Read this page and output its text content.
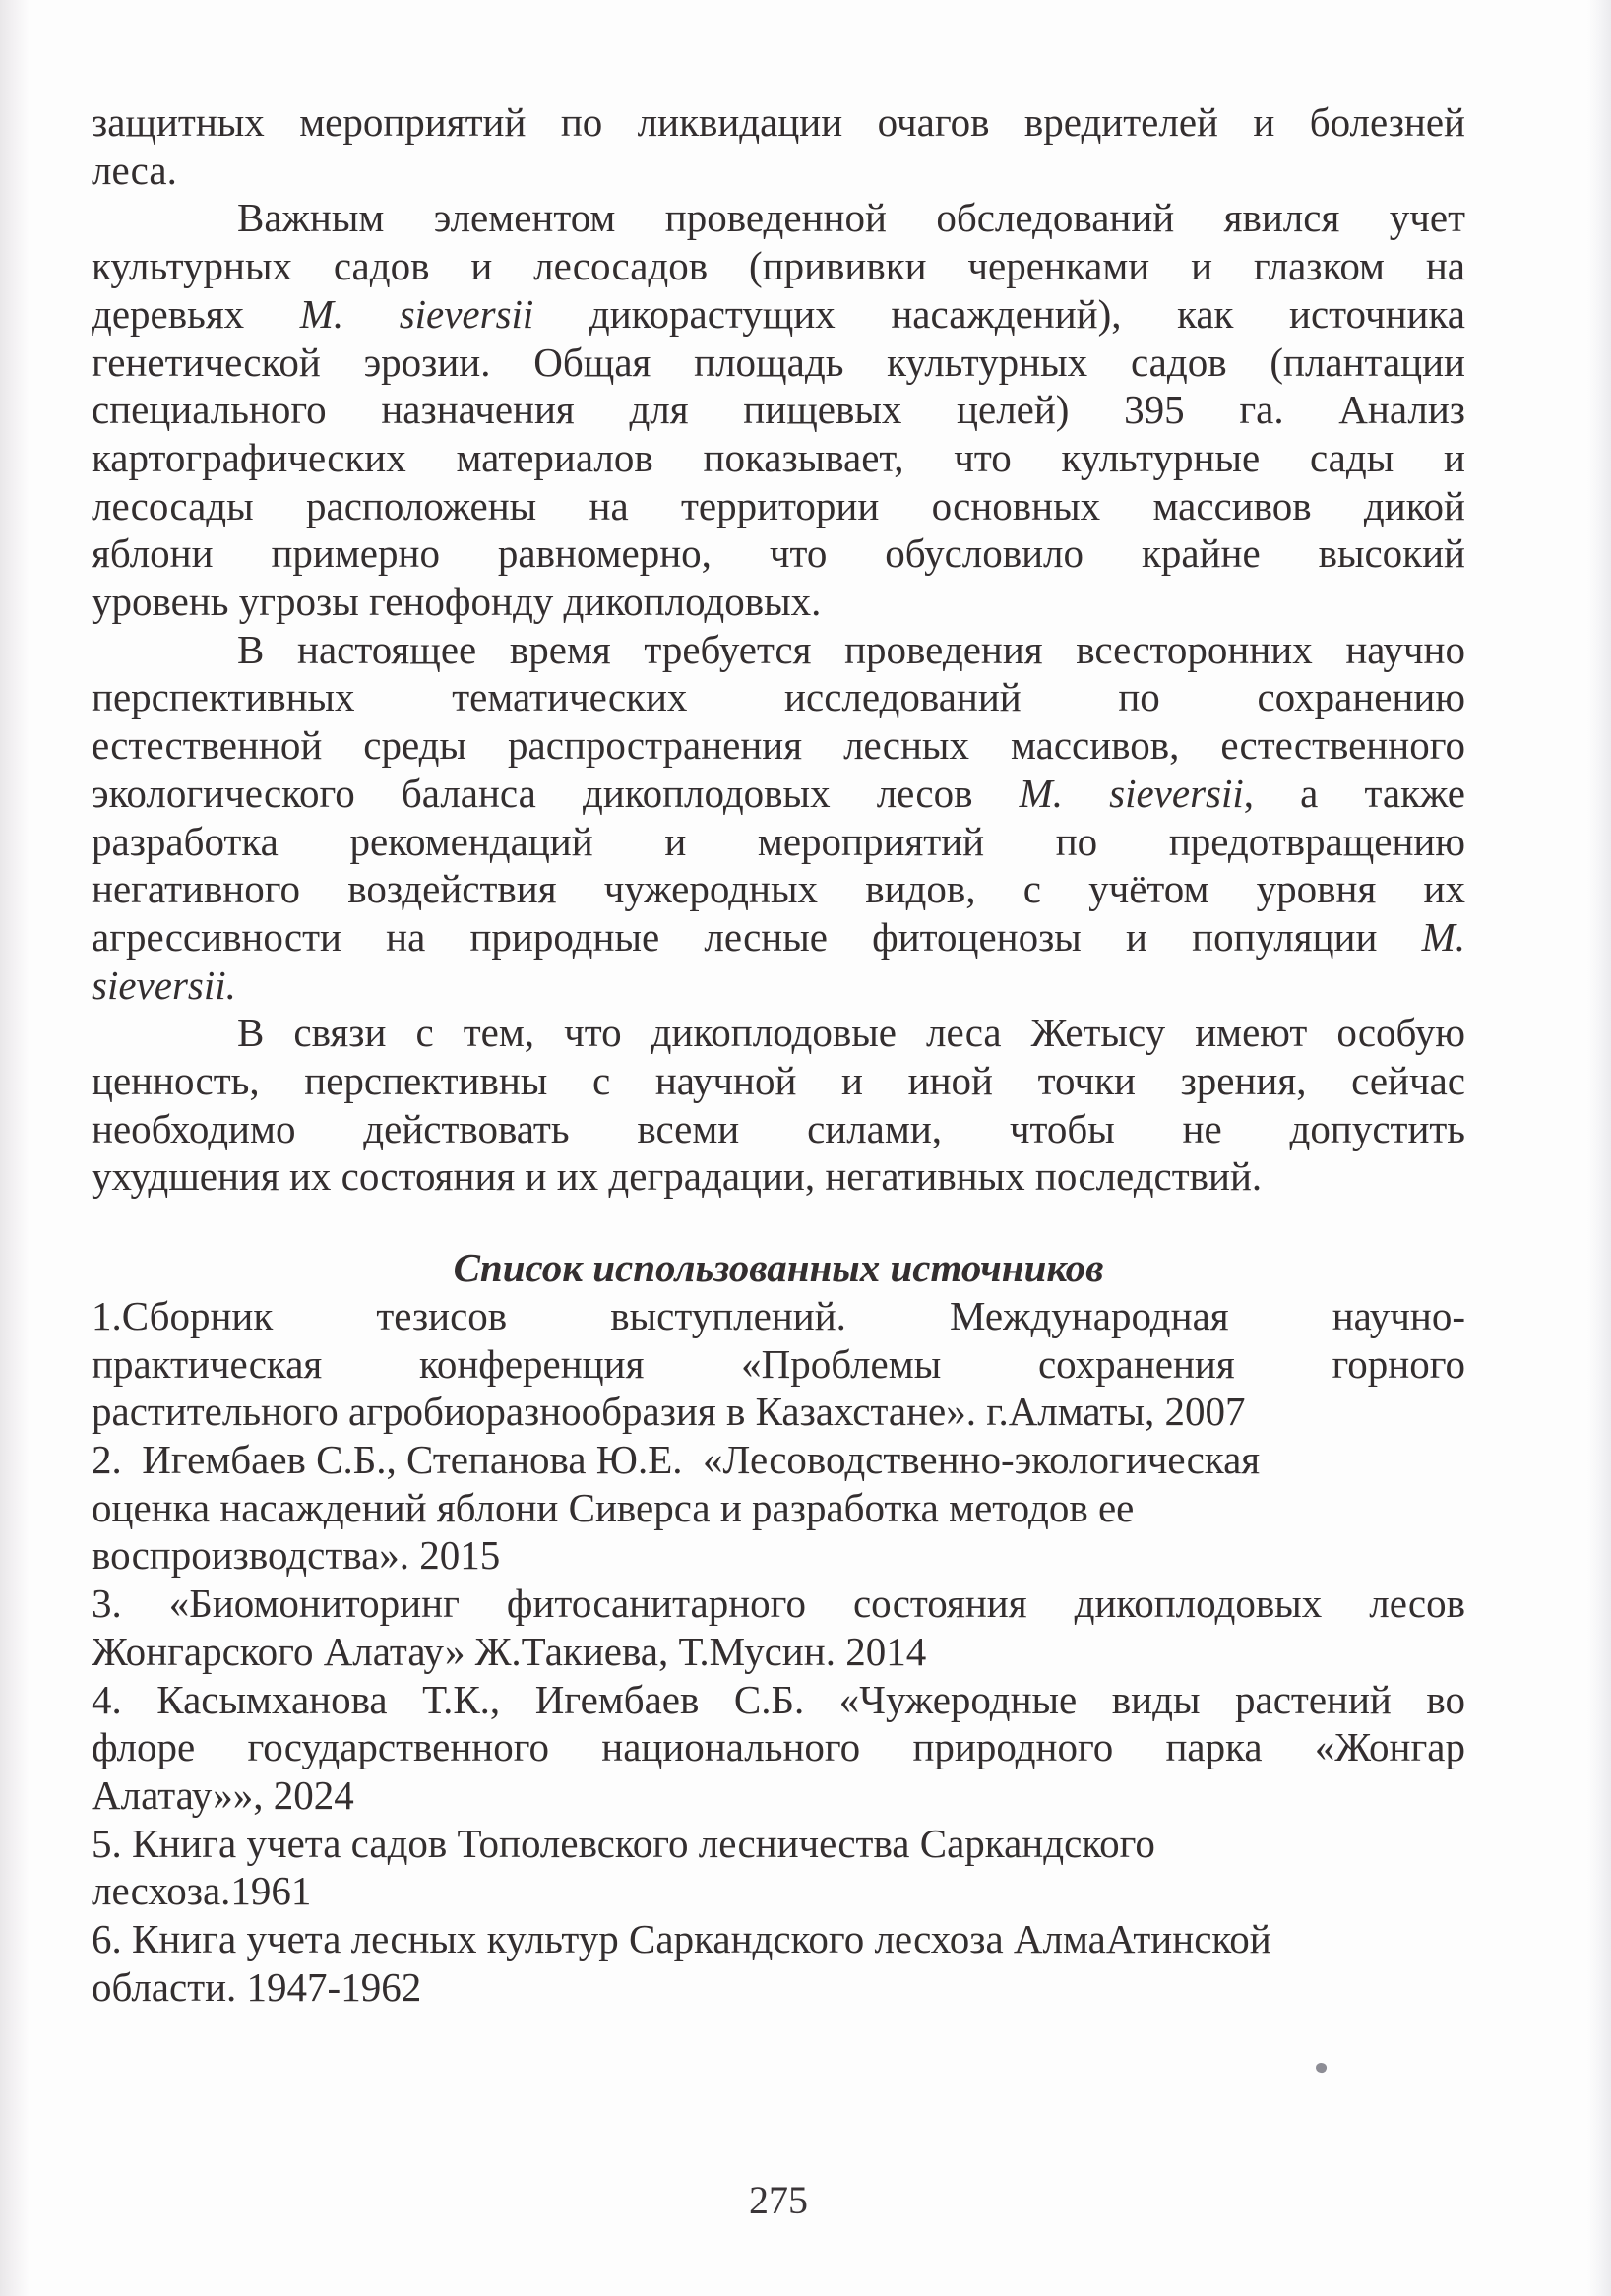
защитных мероприятий по ликвидации очагов вредителей и болезней
леса.
Важным элементом проведенной обследований явился учет
культурных садов и лесосадов (прививки черенками и глазком на
деревьях M. sieversii дикорастущих насаждений), как источника
генетической эрозии. Общая площадь культурных садов (плантации
специального назначения для пищевых целей) 395 га. Анализ
картографических материалов показывает, что культурные сады и
лесосады расположены на территории основных массивов дикой
яблони примерно равномерно, что обусловило крайне высокий
уровень угрозы генофонду дикоплодовых.
В настоящее время требуется проведения всесторонних научно
перспективных тематических исследований по сохранению
естественной среды распространения лесных массивов, естественного
экологического баланса дикоплодовых лесов M. sieversii, а также
разработка рекомендаций и мероприятий по предотвращению
негативного воздействия чужеродных видов, с учётом уровня их
агрессивности на природные лесные фитоценозы и популяции М.
sieversii.
В связи с тем, что дикоплодовые леса Жетысу имеют особую
ценность, перспективны с научной и иной точки зрения, сейчас
необходимо действовать всеми силами, чтобы не допустить
ухудшения их состояния и их деградации, негативных последствий.
Список использованных источников
1.Сборник тезисов выступлений. Международная научно-
практическая конференция «Проблемы сохранения горного
растительного агробиоразнообразия в Казахстане». г.Алматы, 2007
2.  Игембаев С.Б., Степанова Ю.Е.  «Лесоводственно-экологическая
оценка насаждений яблони Сиверса и разработка методов ее
воспроизводства». 2015
3. «Биомониторинг фитосанитарного состояния дикоплодовых лесов
Жонгарского Алатау» Ж.Такиева, Т.Мусин. 2014
4. Касымханова Т.К., Игембаев С.Б. «Чужеродные виды растений во
флоре государственного национального природного парка «Жонгар
Алатау»», 2024
5. Книга учета садов Тополевского лесничества Саркандского
лесхоза.1961
6. Книга учета лесных культур Саркандского лесхоза АлмаАтинской
области. 1947-1962
275
